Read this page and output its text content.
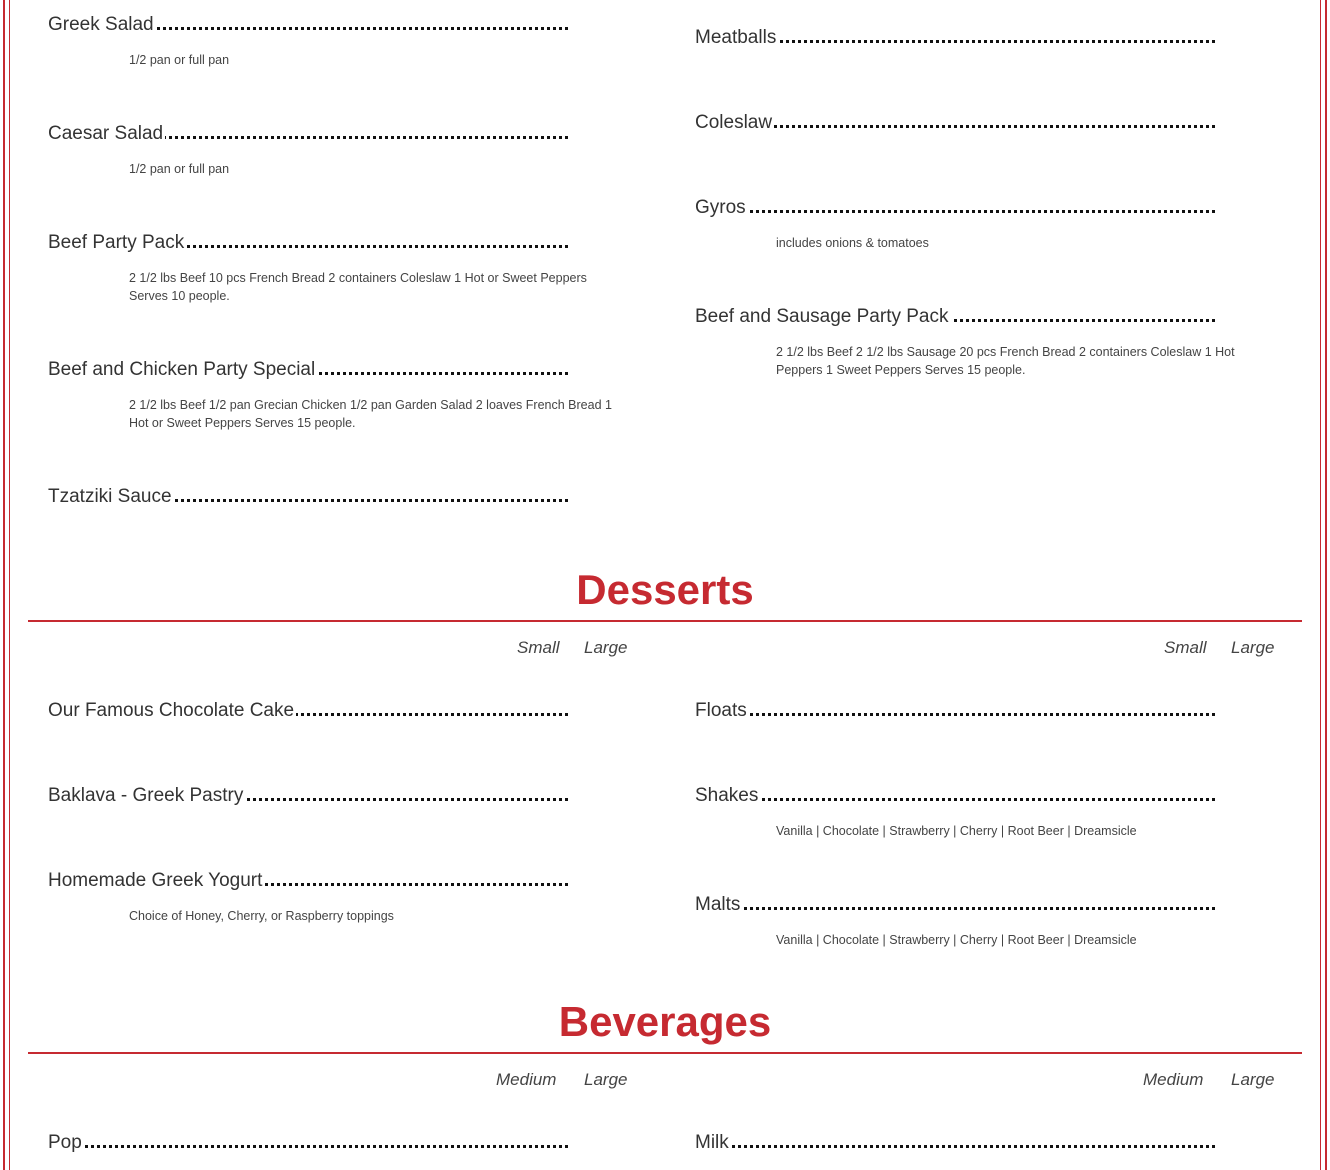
Greek Salad
1/2 pan or full pan
Caesar Salad
1/2 pan or full pan
Beef Party Pack
2 1/2 lbs Beef 10 pcs French Bread 2 containers Coleslaw 1 Hot or Sweet Peppers Serves 10 people.
Beef and Chicken Party Special
2 1/2 lbs Beef 1/2 pan Grecian Chicken 1/2 pan Garden Salad 2 loaves French Bread 1 Hot or Sweet Peppers Serves 15 people.
Tzatziki Sauce
Meatballs
Coleslaw
Gyros
includes onions & tomatoes
Beef and Sausage Party Pack
2 1/2 lbs Beef 2 1/2 lbs Sausage 20 pcs French Bread 2 containers Coleslaw 1 Hot Peppers 1 Sweet Peppers Serves 15 people.
Desserts
Small Large	Small Large
Our Famous Chocolate Cake
Baklava - Greek Pastry
Homemade Greek Yogurt
Choice of Honey, Cherry, or Raspberry toppings
Floats
Shakes
Vanilla | Chocolate | Strawberry | Cherry | Root Beer | Dreamsicle
Malts
Vanilla | Chocolate | Strawberry | Cherry | Root Beer | Dreamsicle
Beverages
Medium Large	Medium Large
Pop	Milk
